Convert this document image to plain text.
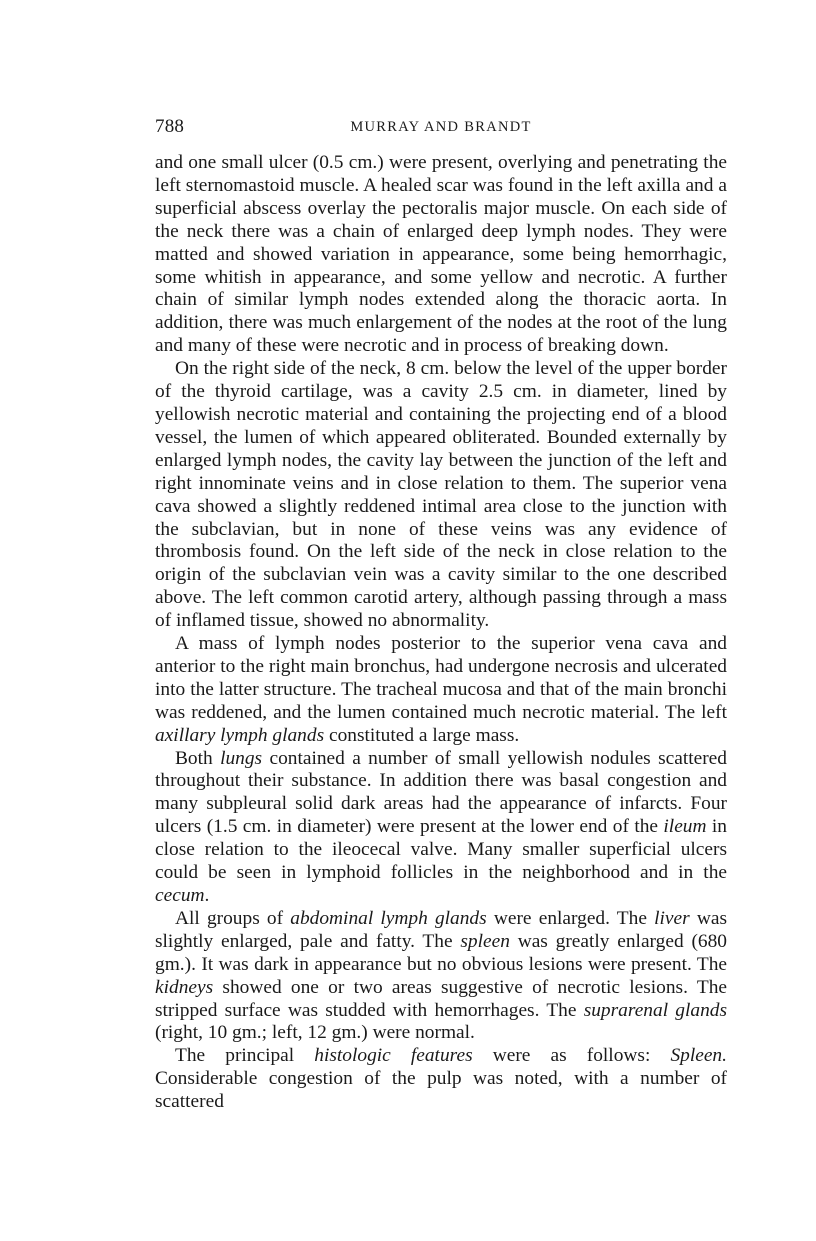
788	MURRAY AND BRANDT

and one small ulcer (0.5 cm.) were present, overlying and penetrating the left sternomastoid muscle. A healed scar was found in the left axilla and a superficial abscess overlay the pectoralis major muscle. On each side of the neck there was a chain of enlarged deep lymph nodes. They were matted and showed variation in appearance, some being hemorrhagic, some whitish in appearance, and some yellow and necrotic. A further chain of similar lymph nodes extended along the thoracic aorta. In addition, there was much enlargement of the nodes at the root of the lung and many of these were necrotic and in process of breaking down.

On the right side of the neck, 8 cm. below the level of the upper border of the thyroid cartilage, was a cavity 2.5 cm. in diameter, lined by yellowish necrotic material and containing the projecting end of a blood vessel, the lumen of which appeared obliterated. Bounded externally by enlarged lymph nodes, the cavity lay between the junction of the left and right innominate veins and in close relation to them. The superior vena cava showed a slightly reddened intimal area close to the junction with the subclavian, but in none of these veins was any evidence of thrombosis found. On the left side of the neck in close relation to the origin of the subclavian vein was a cavity similar to the one described above. The left common carotid artery, although passing through a mass of inflamed tissue, showed no abnormality.

A mass of lymph nodes posterior to the superior vena cava and anterior to the right main bronchus, had undergone necrosis and ulcerated into the latter structure. The tracheal mucosa and that of the main bronchi was reddened, and the lumen contained much necrotic material. The left axillary lymph glands constituted a large mass.

Both lungs contained a number of small yellowish nodules scattered throughout their substance. In addition there was basal congestion and many subpleural solid dark areas had the appearance of infarcts. Four ulcers (1.5 cm. in diameter) were present at the lower end of the ileum in close relation to the ileocecal valve. Many smaller superficial ulcers could be seen in lymphoid follicles in the neighborhood and in the cecum.

All groups of abdominal lymph glands were enlarged. The liver was slightly enlarged, pale and fatty. The spleen was greatly enlarged (680 gm.). It was dark in appearance but no obvious lesions were present. The kidneys showed one or two areas suggestive of necrotic lesions. The stripped surface was studded with hemorrhages. The suprarenal glands (right, 10 gm.; left, 12 gm.) were normal.

The principal histologic features were as follows: Spleen. Considerable congestion of the pulp was noted, with a number of scattered
